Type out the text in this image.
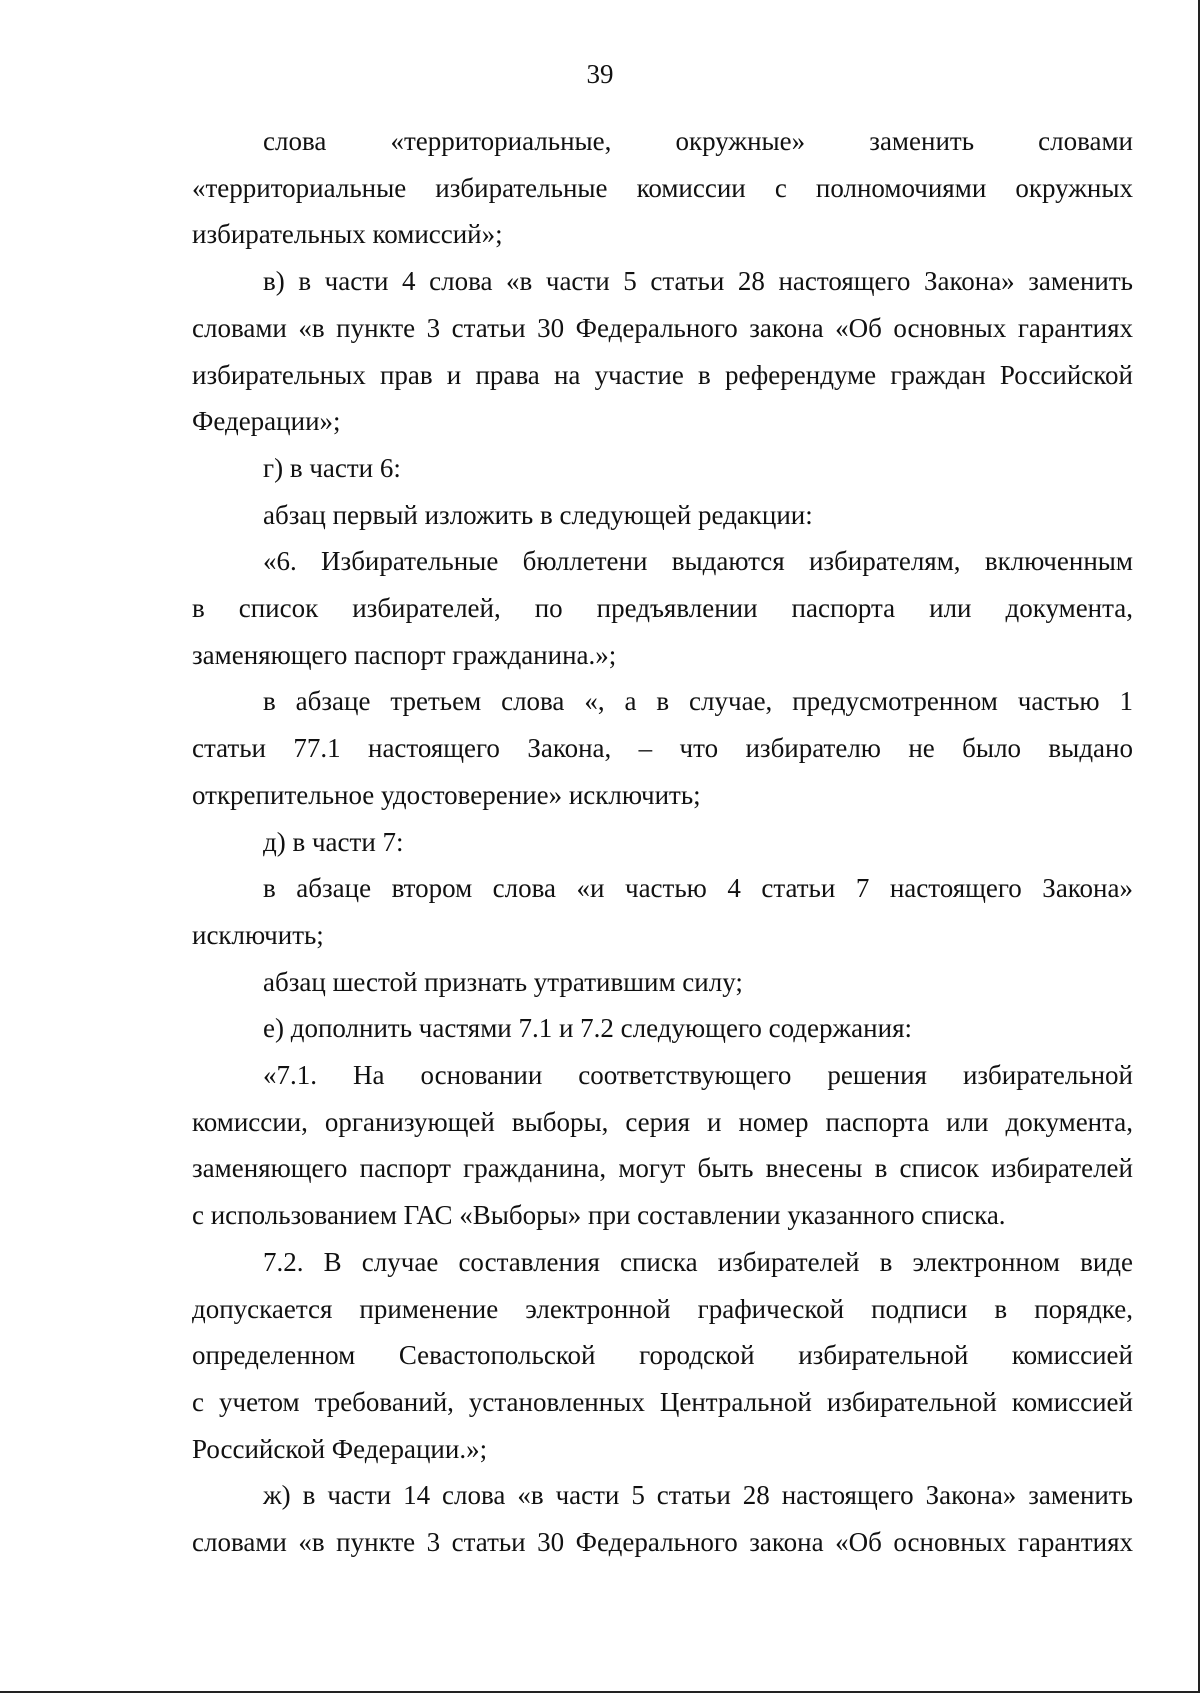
39
слова «территориальные, окружные» заменить словами
«территориальные избирательные комиссии с полномочиями окружных
избирательных комиссий»;
в) в части 4 слова «в части 5 статьи 28 настоящего Закона» заменить
словами «в пункте 3 статьи 30 Федерального закона «Об основных гарантиях
избирательных прав и права на участие в референдуме граждан Российской
Федерации»;
г) в части 6:
абзац первый изложить в следующей редакции:
«6. Избирательные бюллетени выдаются избирателям, включенным
в список избирателей, по предъявлении паспорта или документа,
заменяющего паспорт гражданина.»;
в абзаце третьем слова «, а в случае, предусмотренном частью 1
статьи 77.1 настоящего Закона, – что избирателю не было выдано
открепительное удостоверение» исключить;
д) в части 7:
в абзаце втором слова «и частью 4 статьи 7 настоящего Закона»
исключить;
абзац шестой признать утратившим силу;
е) дополнить частями 7.1 и 7.2 следующего содержания:
«7.1. На основании соответствующего решения избирательной
комиссии, организующей выборы, серия и номер паспорта или документа,
заменяющего паспорт гражданина, могут быть внесены в список избирателей
с использованием ГАС «Выборы» при составлении указанного списка.
7.2. В случае составления списка избирателей в электронном виде
допускается применение электронной графической подписи в порядке,
определенном Севастопольской городской избирательной комиссией
с учетом требований, установленных Центральной избирательной комиссией
Российской Федерации.»;
ж) в части 14 слова «в части 5 статьи 28 настоящего Закона» заменить
словами «в пункте 3 статьи 30 Федерального закона «Об основных гарантиях
